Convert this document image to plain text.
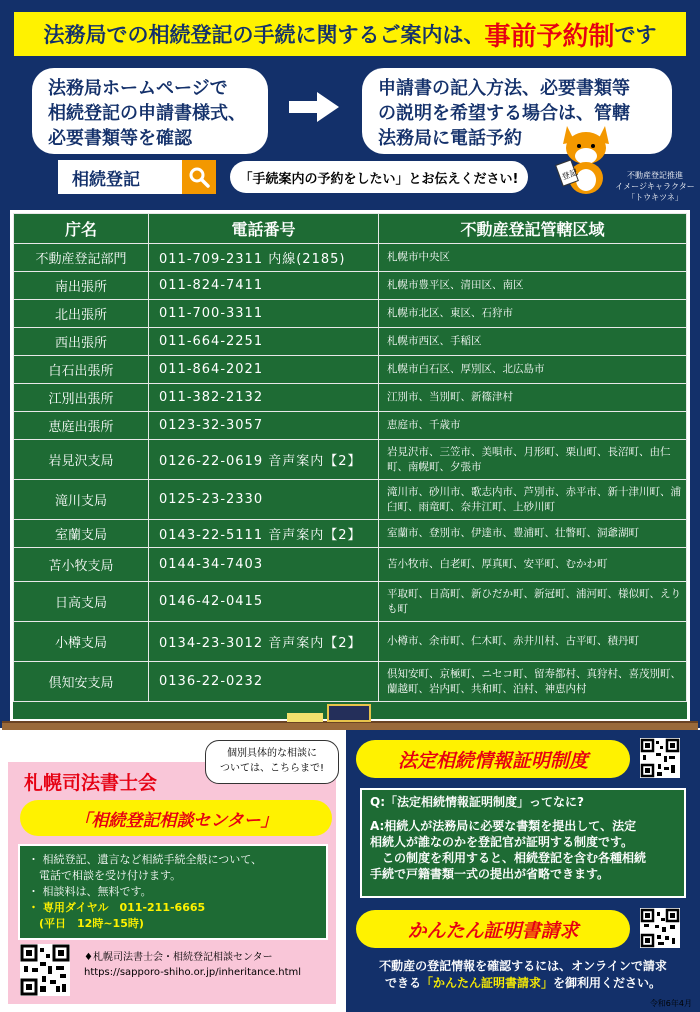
法務局での相続登記の手続に関するご案内は、 事前予約制 です
法務局ホームページで
相続登記の申請書様式、
必要書類等を確認
申請書の記入方法、必要書類等
の説明を希望する場合は、管轄
法務局に電話予約
相続登記	「手続案内の予約をしたい」とお伝えください!	登記	不動産登記推進
イメージキャラクター
「トウキツネ」
庁名	電話番号	不動産登記管轄区域
不動産登記部門	011-709-2311 内線(2185)	札幌市中央区
南出張所	011-824-7411	札幌市豊平区、清田区、南区
北出張所	011-700-3311	札幌市北区、東区、石狩市
西出張所	011-664-2251	札幌市西区、手稲区
白石出張所	011-864-2021	札幌市白石区、厚別区、北広島市
江別出張所	011-382-2132	江別市、当別町、新篠津村
恵庭出張所	0123-32-3057	恵庭市、千歳市
岩見沢支局	0126-22-0619 音声案内【2】	岩見沢市、三笠市、美唄市、月形町、栗山町、長沼町、由仁町、南幌町、夕張市
滝川支局	0125-23-2330	滝川市、砂川市、歌志内市、芦別市、赤平市、新十津川町、浦臼町、雨竜町、奈井江町、上砂川町
室蘭支局	0143-22-5111 音声案内【2】	室蘭市、登別市、伊達市、豊浦町、壮瞥町、洞爺湖町
苫小牧支局	0144-34-7403	苫小牧市、白老町、厚真町、安平町、むかわ町
日高支局	0146-42-0415	平取町、日高町、新ひだか町、新冠町、浦河町、様似町、えりも町
小樽支局	0134-23-3012 音声案内【2】	小樽市、余市町、仁木町、赤井川村、古平町、積丹町
倶知安支局	0136-22-0232	倶知安町、京極町、ニセコ町、留寿都村、真狩村、喜茂別町、蘭越町、岩内町、共和町、泊村、神恵内村
個別具体的な相談に
ついては、こちらまで!
札幌司法書士会
「相続登記相談センター」
・ 相続登記、遺言など相続手続全般について、
　電話で相談を受け付けます。
・ 相談料は、無料です。
・ 専用ダイヤル　011-211-6665
　(平日　12時~15時)
♦札幌司法書士会・相続登記相談センター
https://sapporo-shiho.or.jp/inheritance.html
法定相続情報証明制度
Q:「法定相続情報証明制度」ってなに?
A:相続人が法務局に必要な書類を提出して、法定
相続人が誰なのかを登記官が証明する制度です。
　この制度を利用すると、相続登記を含む各種相続
手続で戸籍書類一式の提出が省略できます。
かんたん証明書請求
不動産の登記情報を確認するには、オンラインで請求
できる「かんたん証明書請求」を御利用ください。
令和6年4月
